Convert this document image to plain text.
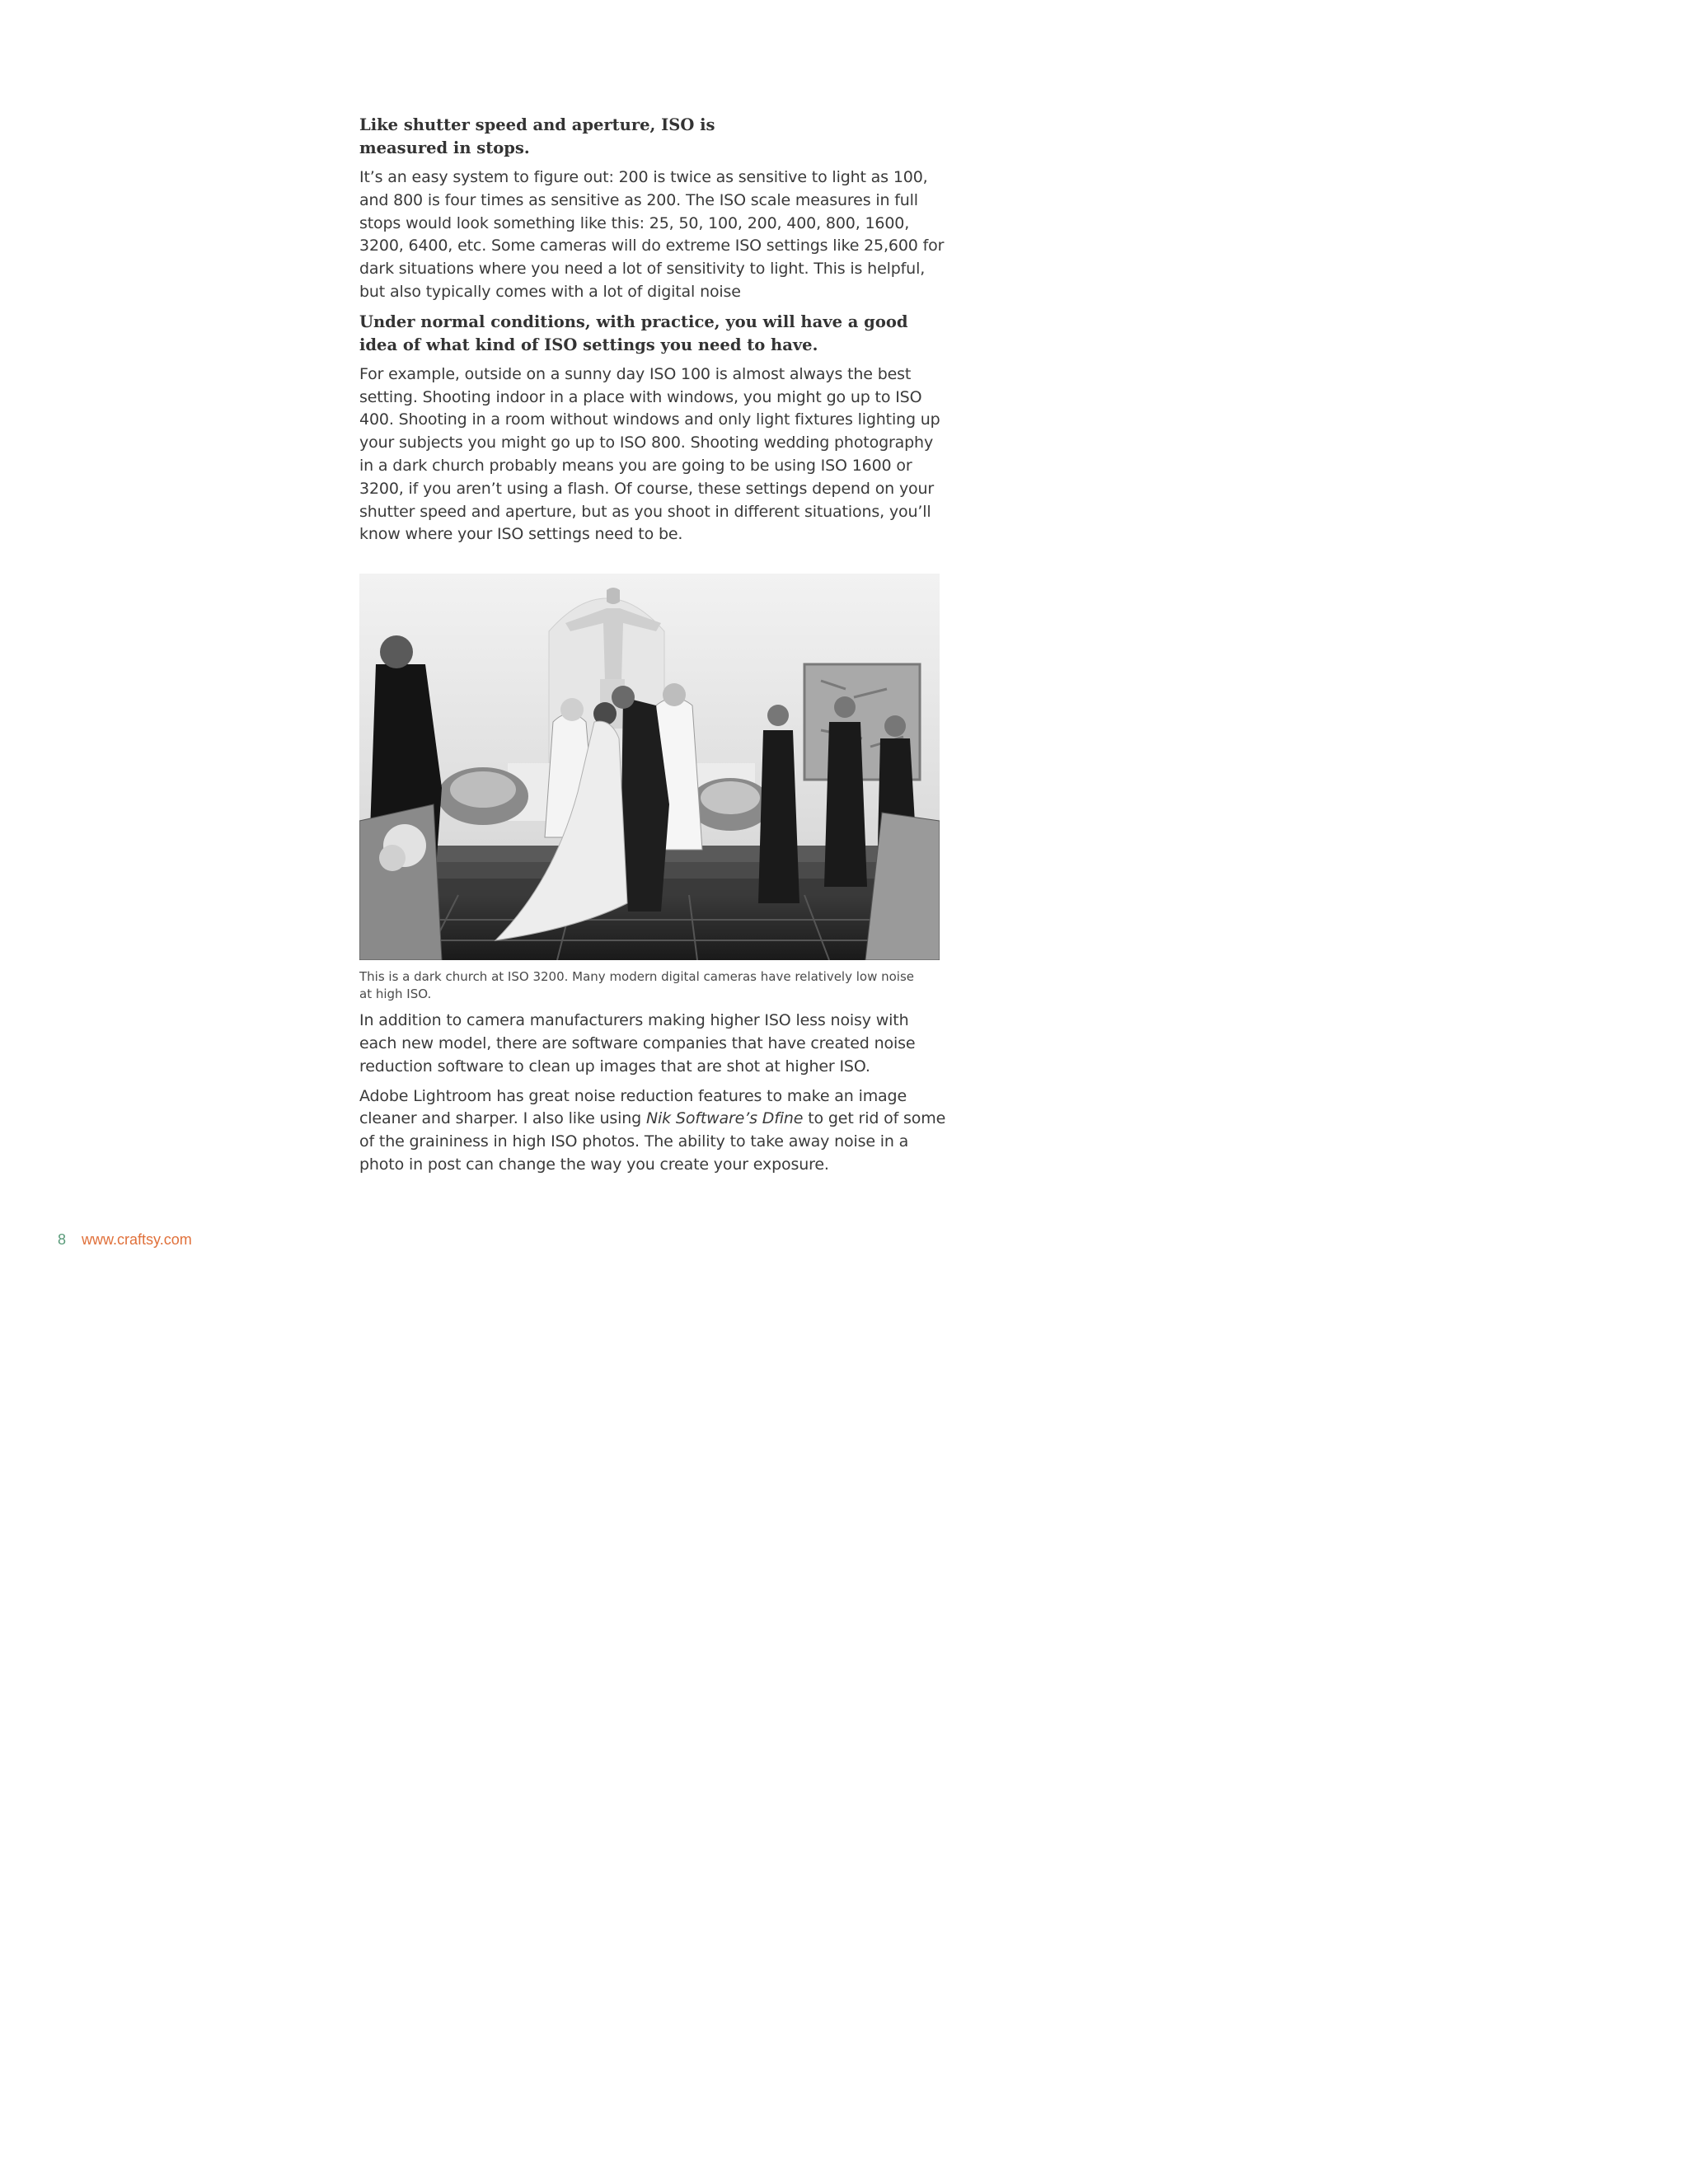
Like shutter speed and aperture, ISO is measured in stops.

It’s an easy system to figure out: 200 is twice as sensitive to light as 100, and 800 is four times as sensitive as 200. The ISO scale measures in full stops would look something like this: 25, 50, 100, 200, 400, 800, 1600, 3200, 6400, etc. Some cameras will do extreme ISO settings like 25,600 for dark situations where you need a lot of sensitivity to light. This is helpful, but also typically comes with a lot of digital noise

Under normal conditions, with practice, you will have a good idea of what kind of ISO settings you need to have.

For example, outside on a sunny day ISO 100 is almost always the best setting. Shooting indoor in a place with windows, you might go up to ISO 400. Shooting in a room without windows and only light fixtures lighting up your subjects you might go up to ISO 800. Shooting wedding photography in a dark church probably means you are going to be using ISO 1600 or 3200, if you aren’t using a flash. Of course, these settings depend on your shutter speed and aperture, but as you shoot in different situations, you’ll know where your ISO settings need to be.

This is a dark church at ISO 3200. Many modern digital cameras have relatively low noise at high ISO.

In addition to camera manufacturers making higher ISO less noisy with each new model, there are software companies that have created noise reduction software to clean up images that are shot at higher ISO.

Adobe Lightroom has great noise reduction features to make an image cleaner and sharper. I also like using Nik Software’s Dfine to get rid of some of the graininess in high ISO photos. The ability to take away noise in a photo in post can change the way you create your exposure.

8 www.craftsy.com
